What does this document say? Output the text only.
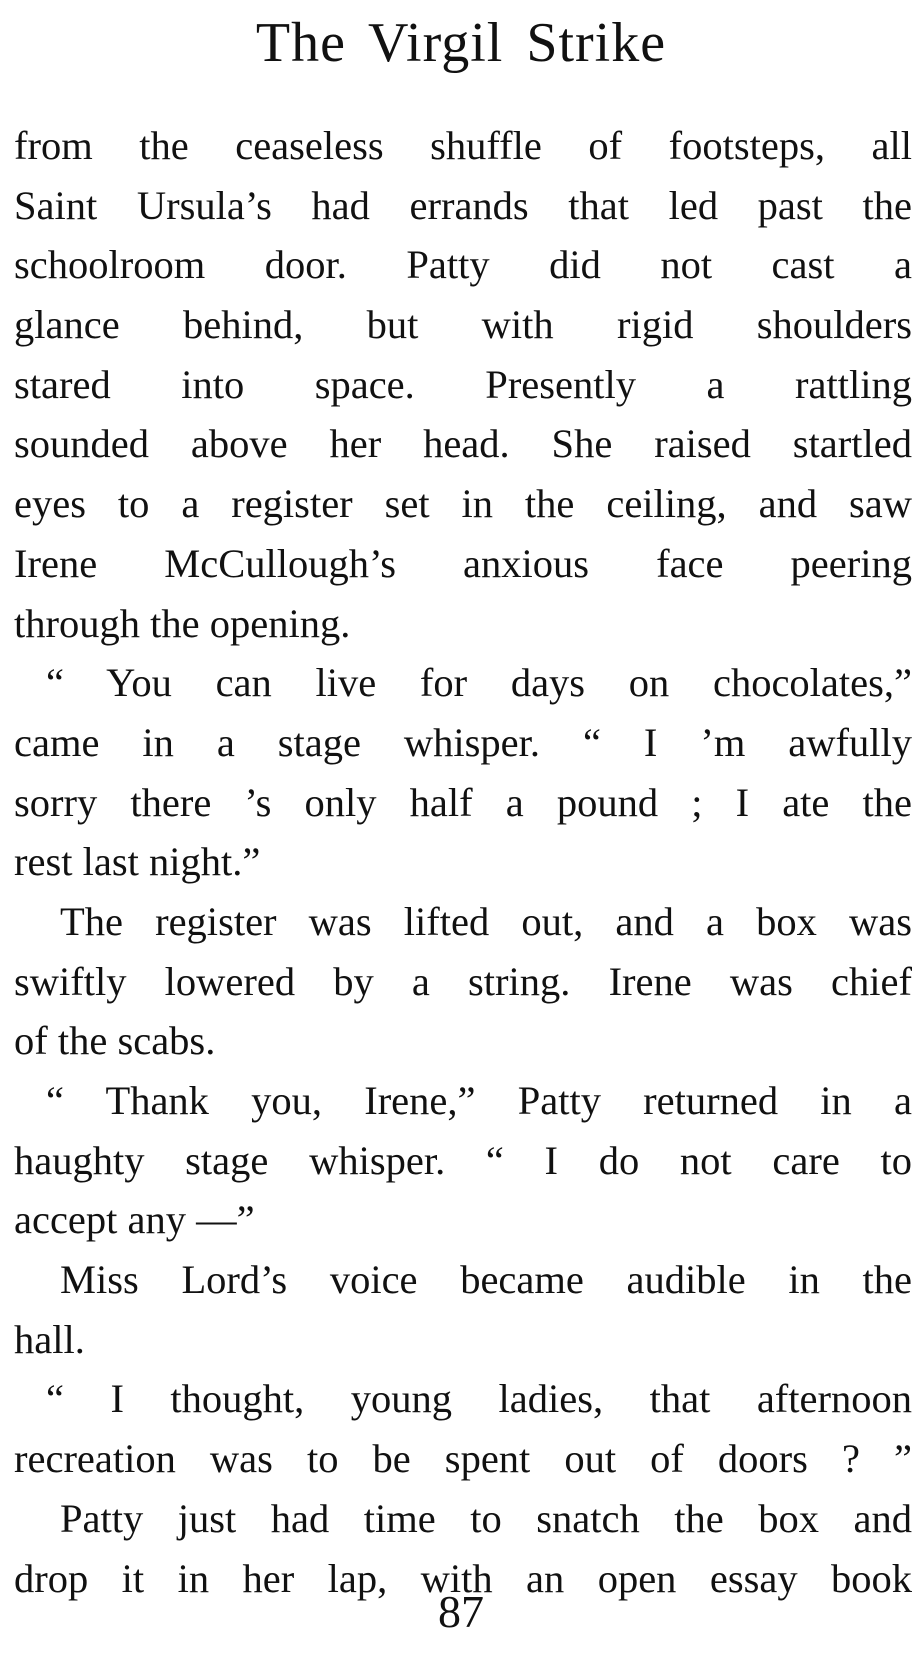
The Virgil Strike
from the ceaseless shuffle of footsteps, all
Saint Ursula’s had errands that led past the
schoolroom door. Patty did not cast a
glance behind, but with rigid shoulders
stared into space. Presently a rattling
sounded above her head. She raised startled
eyes to a register set in the ceiling, and saw
Irene McCullough’s anxious face peering
through the opening.
“ You can live for days on chocolates,”
came in a stage whisper. “ I ’m awfully
sorry there ’s only half a pound ; I ate the
rest last night.”
The register was lifted out, and a box was
swiftly lowered by a string. Irene was chief
of the scabs.
“ Thank you, Irene,” Patty returned in a
haughty stage whisper. “ I do not care to
accept any —”
Miss Lord’s voice became audible in the
hall.
“ I thought, young ladies, that afternoon
recreation was to be spent out of doors ? ”
Patty just had time to snatch the box and
drop it in her lap, with an open essay book
87
